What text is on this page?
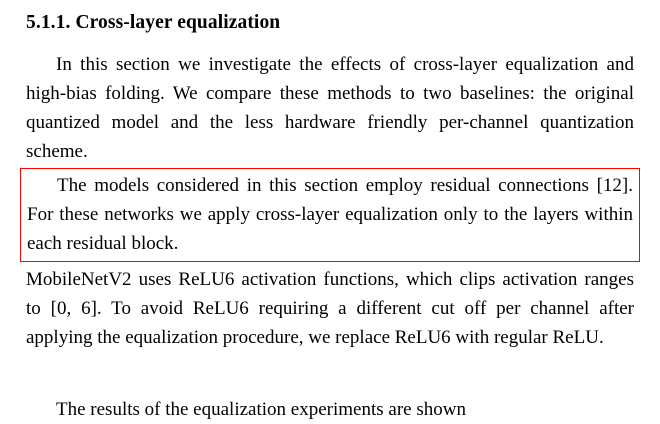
5.1.1. Cross-layer equalization

In this section we investigate the effects of cross-layer equalization and high-bias folding. We compare these methods to two baselines: the original quantized model and the less hardware friendly per-channel quantization scheme.

The models considered in this section employ residual connections [12]. For these networks we apply cross-layer equalization only to the layers within each residual block.

MobileNetV2 uses ReLU6 activation functions, which clips activation ranges to [0, 6]. To avoid ReLU6 requiring a different cut off per channel after applying the equalization procedure, we replace ReLU6 with regular ReLU.

The results of the equalization experiments are shown
